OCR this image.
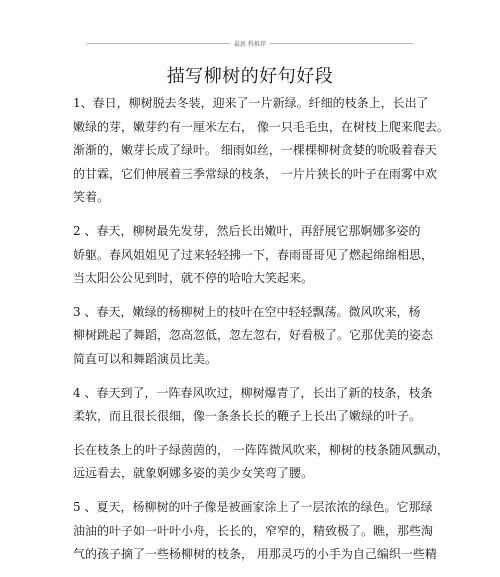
最新 科推荐
描写柳树的好句好段

1、春日，柳树脱去冬装，迎来了一片新绿。纤细的枝条上，长出了
嫩绿的芽，嫩芽约有一厘米左右， 像一只毛毛虫，在树枝上爬来爬去。
渐渐的，嫩芽长成了绿叶。 细雨如丝，一棵棵柳树贪婪的吮吸着春天
的甘霖，它们伸展着三季常绿的枝条， 一片片狭长的叶子在雨雾中欢
笑着。

2 、春天，柳树最先发芽，然后长出嫩叶，再舒展它那婀娜多姿的
娇躯。春风姐姐见了过来轻轻拂一下，春雨哥哥见了燃起绵绵相思，
当太阳公公见到时，就不停的哈哈大笑起来。

3 、春天，嫩绿的杨柳树上的枝叶在空中轻轻飘荡。微风吹来，杨
柳树跳起了舞蹈，忽高忽低，忽左忽右，好看极了。它那优美的姿态
简直可以和舞蹈演员比美。

4 、春天到了，一阵春风吹过，柳树爆青了，长出了新的枝条，枝条
柔软，而且很长很细，像一条条长长的鞭子上长出了嫩绿的叶子。

长在枝条上的叶子绿茵茵的， 一阵阵微风吹来，柳树的枝条随风飘动，
远远看去，就象婀娜多姿的美少女笑弯了腰。

5 、夏天，杨柳树的叶子像是被画家涂上了一层浓浓的绿色。它那绿
油油的叶子如一叶叶小舟，长长的，窄窄的，精致极了。瞧，那些淘
气的孩子摘了一些杨柳树的枝条， 用那灵巧的小手为自己编织一些精
